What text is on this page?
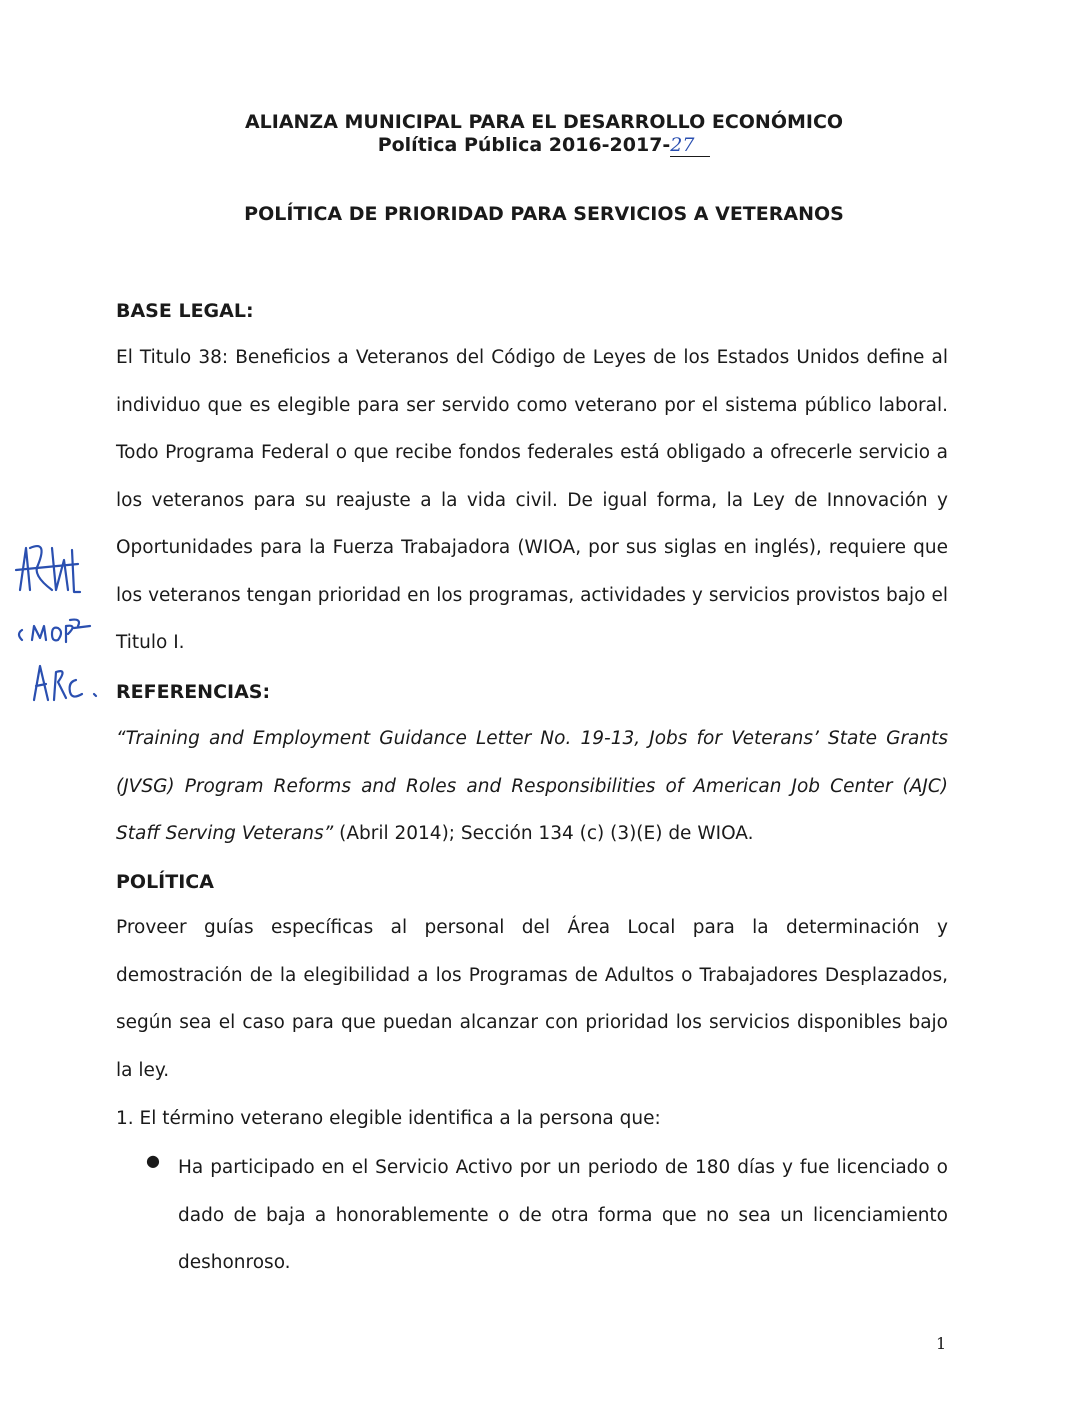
ALIANZA MUNICIPAL PARA EL DESARROLLO ECONÓMICO
Política Pública 2016-2017-27
POLÍTICA DE PRIORIDAD PARA SERVICIOS A VETERANOS
BASE LEGAL:
El Titulo 38: Beneficios a Veteranos del Código de Leyes de los Estados Unidos define al individuo que es elegible para ser servido como veterano por el sistema público laboral. Todo Programa Federal o que recibe fondos federales está obligado a ofrecerle servicio a los veteranos para su reajuste a la vida civil. De igual forma, la Ley de Innovación y Oportunidades para la Fuerza Trabajadora (WIOA, por sus siglas en inglés), requiere que los veteranos tengan prioridad en los programas, actividades y servicios provistos bajo el Titulo I.
REFERENCIAS:
“Training and Employment Guidance Letter No. 19-13, Jobs for Veterans’ State Grants (JVSG) Program Reforms and Roles and Responsibilities of American Job Center (AJC) Staff Serving Veterans” (Abril 2014); Sección 134 (c) (3)(E) de WIOA.
POLÍTICA
Proveer guías específicas al personal del Área Local para la determinación y demostración de la elegibilidad a los Programas de Adultos o Trabajadores Desplazados, según sea el caso para que puedan alcanzar con prioridad los servicios disponibles bajo la ley.
1. El término veterano elegible identifica a la persona que:
● Ha participado en el Servicio Activo por un periodo de 180 días y fue licenciado o dado de baja a honorablemente o de otra forma que no sea un licenciamiento deshonroso.
1
